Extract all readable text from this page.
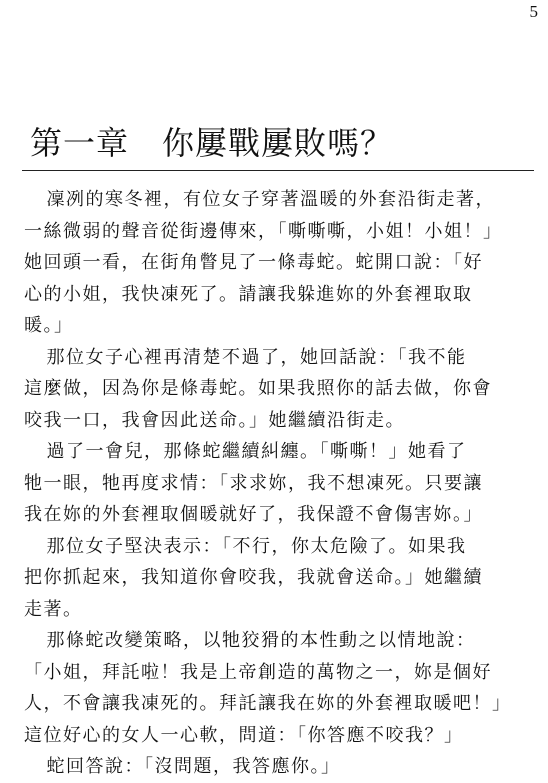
5
第一章　你屢戰屢敗嗎？

凜冽的寒冬裡，有位女子穿著溫暖的外套沿街走著，
一絲微弱的聲音從街邊傳來，「嘶嘶嘶，小姐！小姐！」
她回頭一看，在街角瞥見了一條毒蛇。蛇開口說：「好
心的小姐，我快凍死了。請讓我躲進妳的外套裡取取
暖。」

那位女子心裡再清楚不過了，她回話說：「我不能
這麼做，因為你是條毒蛇。如果我照你的話去做，你會
咬我一口，我會因此送命。」她繼續沿街走。

過了一會兒，那條蛇繼續糾纏。「嘶嘶！」她看了
牠一眼，牠再度求情：「求求妳，我不想凍死。只要讓
我在妳的外套裡取個暖就好了，我保證不會傷害妳。」

那位女子堅決表示：「不行，你太危險了。如果我
把你抓起來，我知道你會咬我，我就會送命。」她繼續
走著。

那條蛇改變策略，以牠狡猾的本性動之以情地說：
「小姐，拜託啦！我是上帝創造的萬物之一，妳是個好
人，不會讓我凍死的。拜託讓我在妳的外套裡取暖吧！」
這位好心的女人一心軟，問道：「你答應不咬我？」

蛇回答說：「沒問題，我答應你。」
